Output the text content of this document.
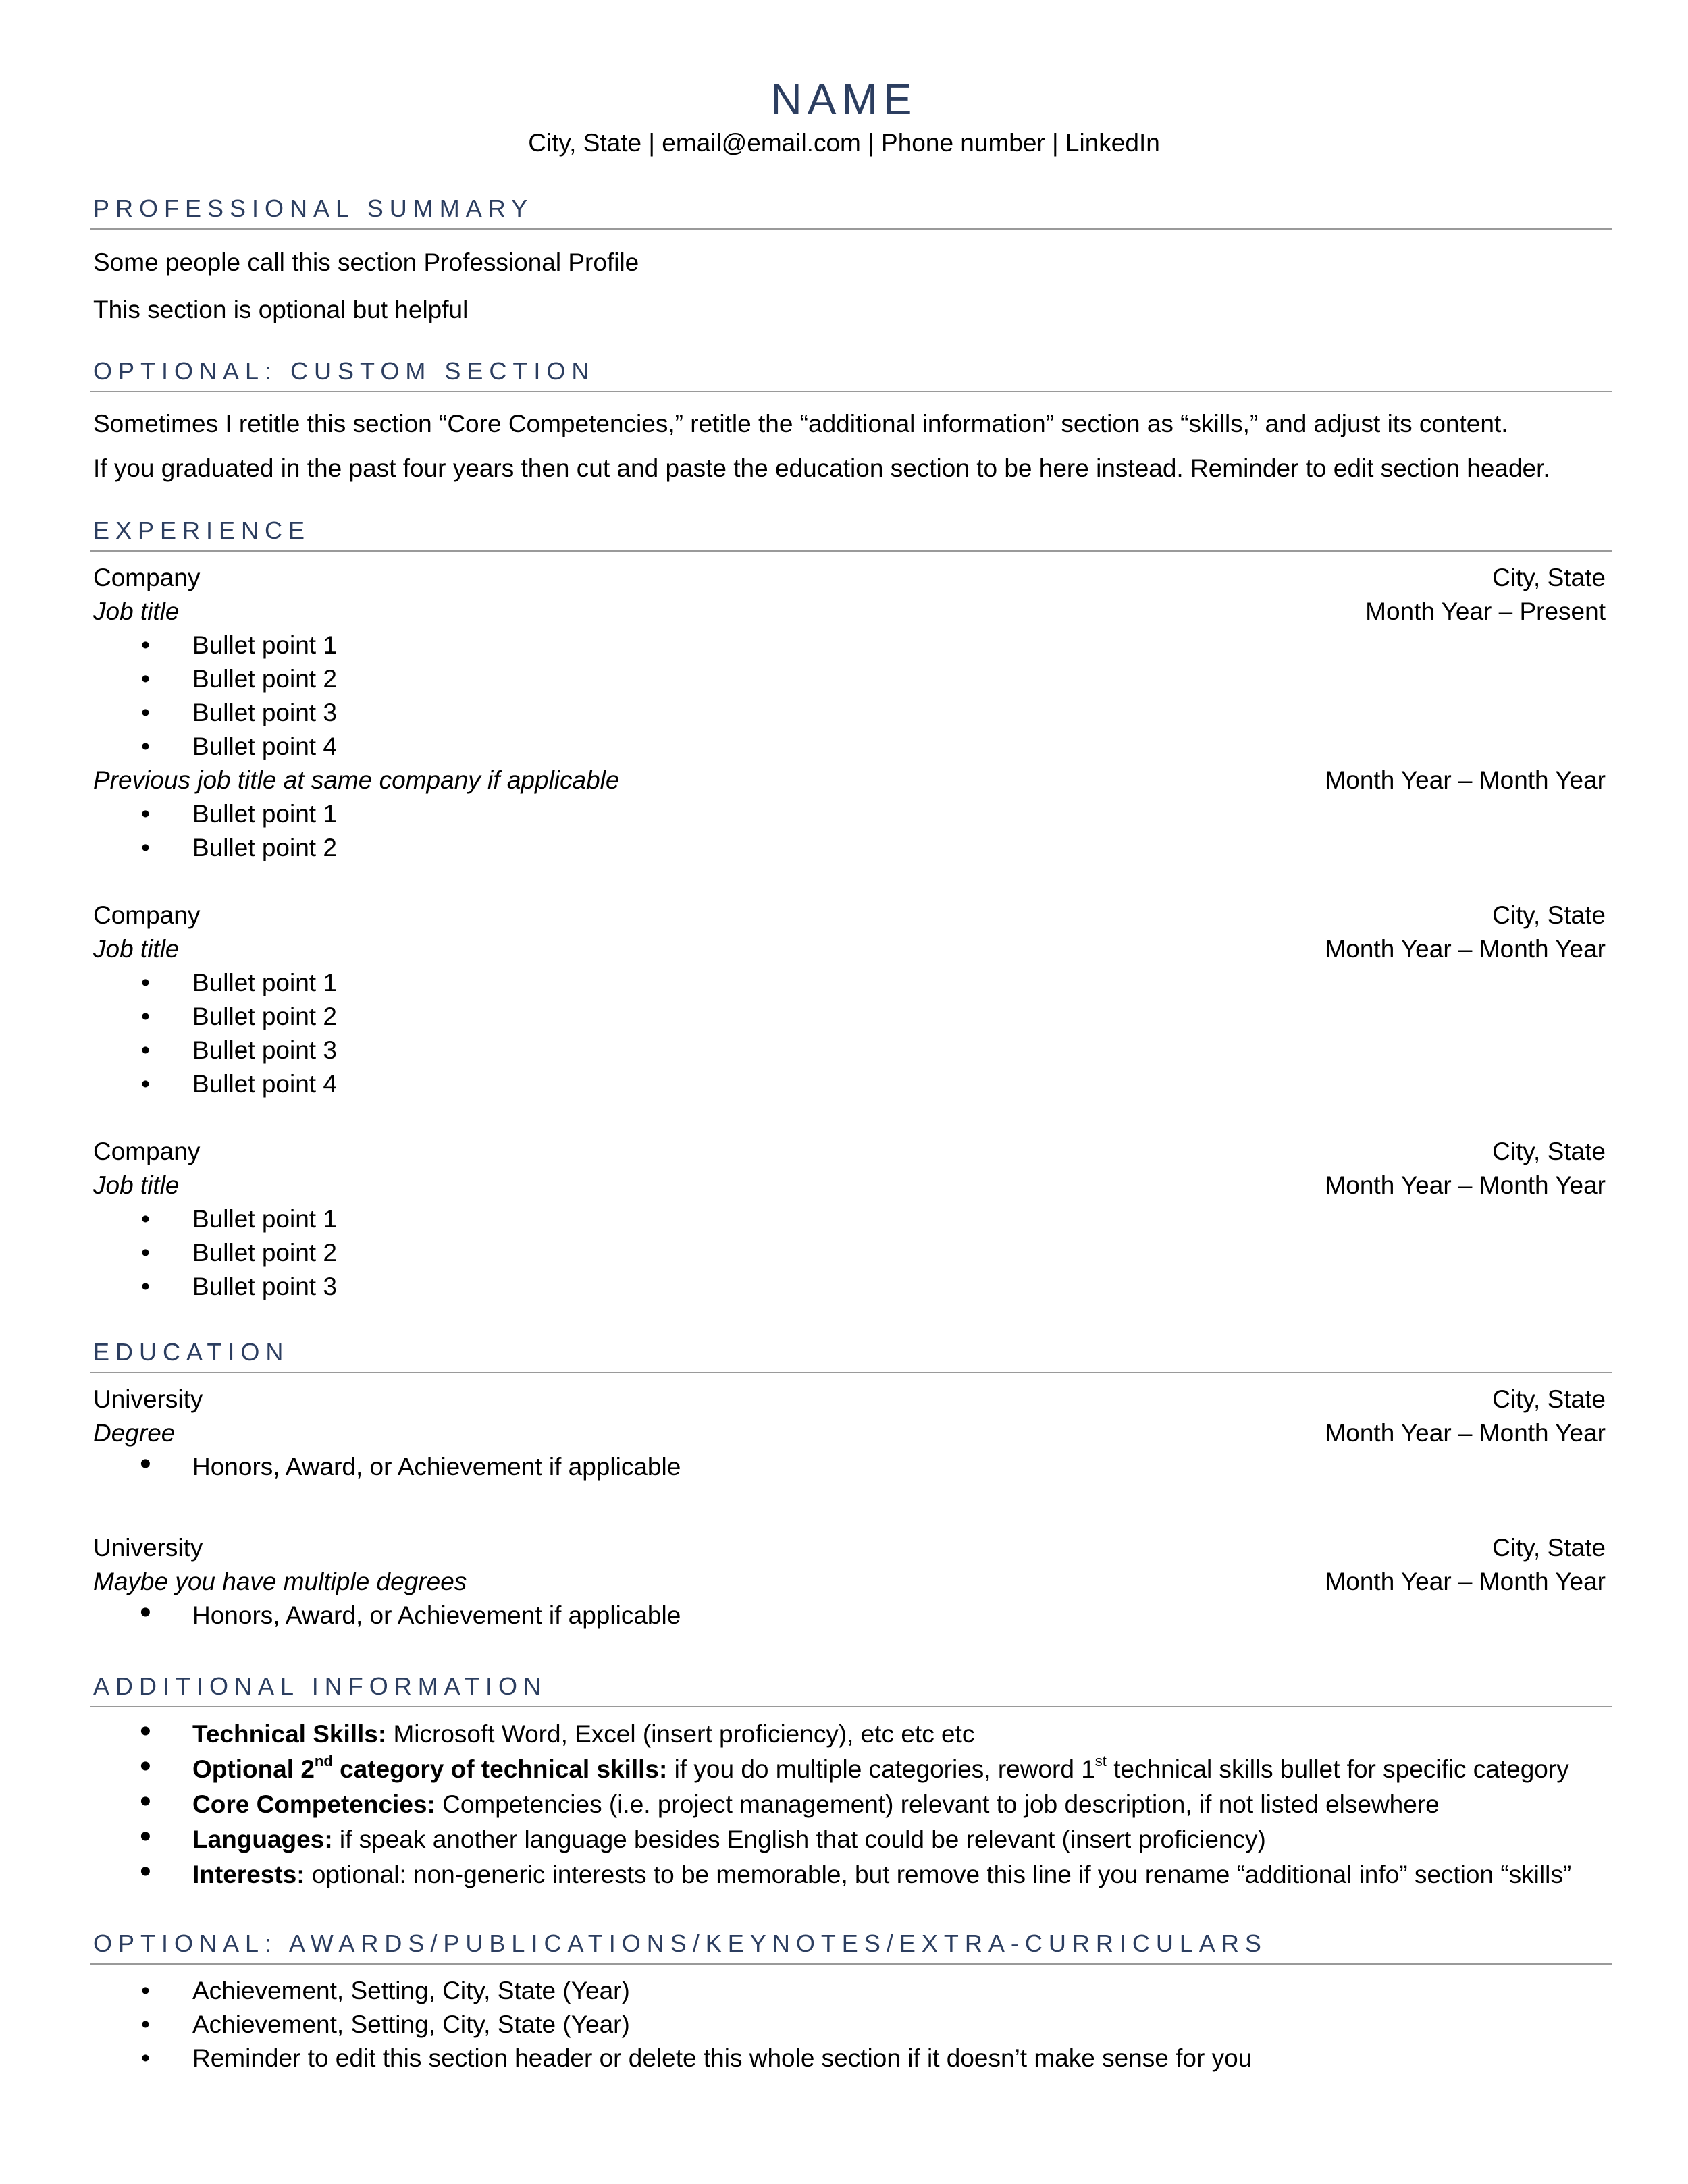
NAME
City, State | email@email.com | Phone number | LinkedIn
PROFESSIONAL SUMMARY
Some people call this section Professional Profile
This section is optional but helpful
OPTIONAL: CUSTOM SECTION
Sometimes I retitle this section “Core Competencies,” retitle the “additional information” section as “skills,” and adjust its content.
If you graduated in the past four years then cut and paste the education section to be here instead. Reminder to edit section header.
EXPERIENCE
Company	City, State
Job title	Month Year – Present
• Bullet point 1
• Bullet point 2
• Bullet point 3
• Bullet point 4
Previous job title at same company if applicable	Month Year – Month Year
• Bullet point 1
• Bullet point 2
Company	City, State
Job title	Month Year – Month Year
• Bullet point 1
• Bullet point 2
• Bullet point 3
• Bullet point 4
Company	City, State
Job title	Month Year – Month Year
• Bullet point 1
• Bullet point 2
• Bullet point 3
EDUCATION
University	City, State
Degree	Month Year – Month Year
• Honors, Award, or Achievement if applicable
University	City, State
Maybe you have multiple degrees	Month Year – Month Year
• Honors, Award, or Achievement if applicable
ADDITIONAL INFORMATION
• Technical Skills: Microsoft Word, Excel (insert proficiency), etc etc etc
• Optional 2nd category of technical skills: if you do multiple categories, reword 1st technical skills bullet for specific category
• Core Competencies: Competencies (i.e. project management) relevant to job description, if not listed elsewhere
• Languages: if speak another language besides English that could be relevant (insert proficiency)
• Interests: optional: non-generic interests to be memorable, but remove this line if you rename “additional info” section “skills”
OPTIONAL: AWARDS/PUBLICATIONS/KEYNOTES/EXTRA-CURRICULARS
• Achievement, Setting, City, State (Year)
• Achievement, Setting, City, State (Year)
• Reminder to edit this section header or delete this whole section if it doesn’t make sense for you
